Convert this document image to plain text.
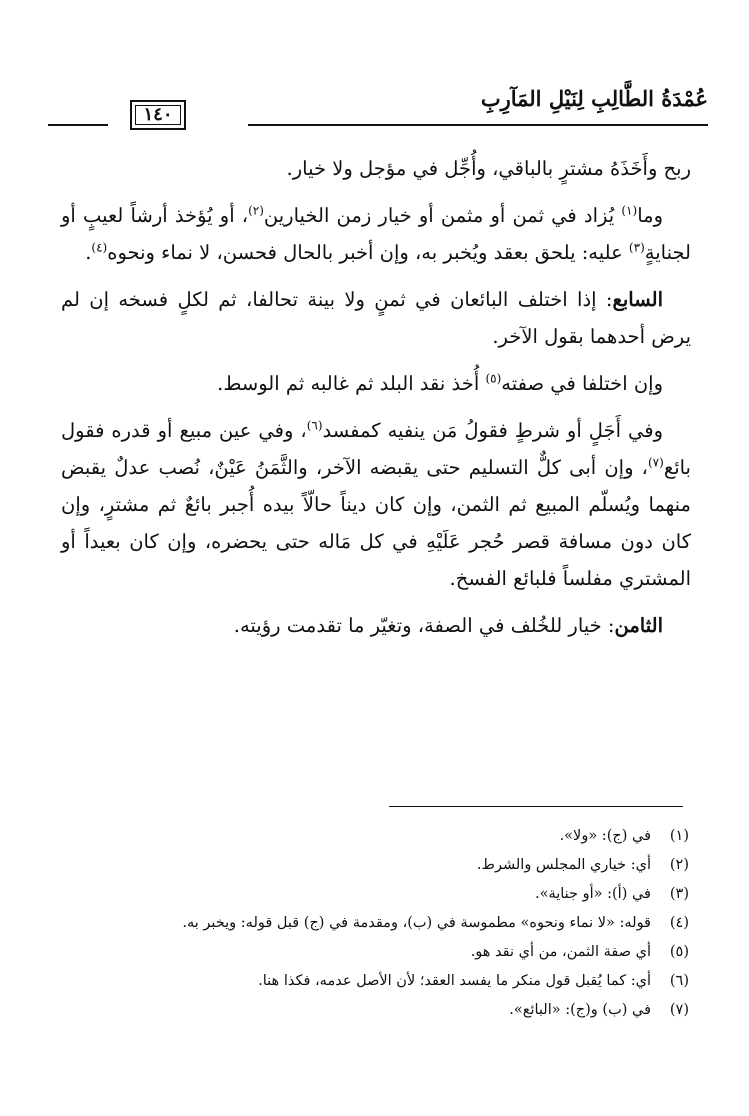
عُمْدَةُ الطَّالِبِ لِنَيْلِ المَآرِبِ
١٤٠

ربح وأَخَذَهُ مشترٍ بالباقي، وأُجِّل في مؤجل ولا خيار.

وما$^{(١)}$ يُزاد في ثمن أو مثمن أو خيار زمن الخيارين$^{(٢)}$، أو يُؤخذ أرشاً لعيبٍ أو لجنايةٍ$^{(٣)}$ عليه: يلحق بعقد ويُخبر به، وإن أخبر بالحال فحسن، لا نماء ونحوه$^{(٤)}$.

السابع: إذا اختلف البائعان في ثمنٍ ولا بينة تحالفا، ثم لكلٍ فسخه إن لم يرض أحدهما بقول الآخر.

وإن اختلفا في صفته$^{(٥)}$ أُخذ نقد البلد ثم غالبه ثم الوسط.

وفي أَجَلٍ أو شرطٍ فقولُ مَن ينفيه كمفسد$^{(٦)}$، وفي عين مبيع أو قدره فقول بائع$^{(٧)}$، وإن أبى كلٌّ التسليم حتى يقبضه الآخر، والثَّمَنُ عَيْنٌ، نُصب عدلٌ يقبض منهما ويُسلّم المبيع ثم الثمن، وإن كان ديناً حالّاً بيده أُجبر بائعٌ ثم مشترٍ، وإن كان دون مسافة قصر حُجر عَلَيْهِ في كل مَاله حتى يحضره، وإن كان بعيداً أو المشتري مفلساً فلبائع الفسخ.

الثامن: خيار للخُلف في الصفة، وتغيّر ما تقدمت رؤيته.

(١)في (ج): «ولا».
(٢)أي: خياري المجلس والشرط.
(٣)في (أ): «أو جناية».
(٤)قوله: «لا نماء ونحوه» مطموسة في (ب)، ومقدمة في (ج) قبل قوله: ويخبر به.
(٥)أي صفة الثمن، من أي نقد هو.
(٦)أي: كما يُقبل قول منكر ما يفسد العقد؛ لأن الأصل عدمه، فكذا هنا.
(٧)في (ب) و(ج): «البائع».
